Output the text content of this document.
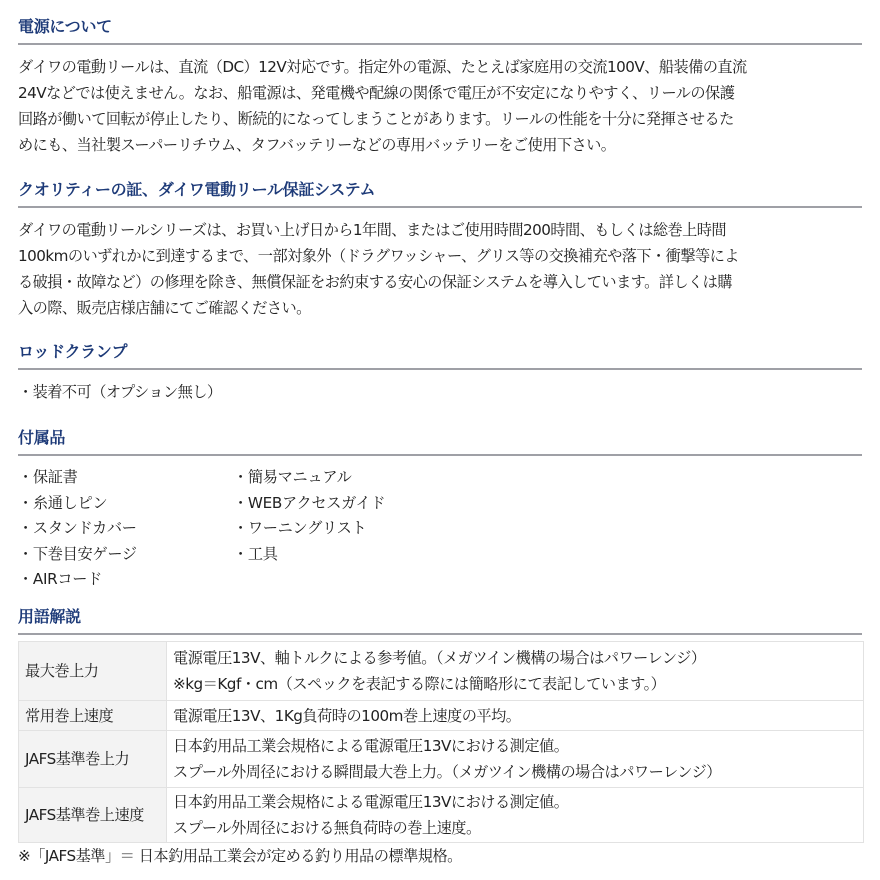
電源について
ダイワの電動リールは、直流（DC）12V対応です。指定外の電源、たとえば家庭用の交流100V、船装備の直流
24Vなどでは使えません。なお、船電源は、発電機や配線の関係で電圧が不安定になりやすく、リールの保護
回路が働いて回転が停止したり、断続的になってしまうことがあります。リールの性能を十分に発揮させるた
めにも、当社製スーパーリチウム、タフバッテリーなどの専用バッテリーをご使用下さい。
クオリティーの証、ダイワ電動リール保証システム
ダイワの電動リールシリーズは、お買い上げ日から1年間、またはご使用時間200時間、もしくは総巻上時間
100kmのいずれかに到達するまで、一部対象外（ドラグワッシャー、グリス等の交換補充や落下・衝撃等によ
る破損・故障など）の修理を除き、無償保証をお約束する安心の保証システムを導入しています。詳しくは購
入の際、販売店様店舗にてご確認ください。
ロッドクランプ
・装着不可（オプション無し）
付属品
・保証書
・糸通しピン
・スタンドカバー
・下巻目安ゲージ
・AIRコード
・簡易マニュアル
・WEBアクセスガイド
・ワーニングリスト
・工具
用語解説
最大巻上力	電源電圧13V、軸トルクによる参考値。（メガツイン機構の場合はパワーレンジ）
※kg＝Kgf・cm（スペックを表記する際には簡略形にて表記しています。）

常用巻上速度	電源電圧13V、1Kg負荷時の100m巻上速度の平均。

JAFS基準巻上力	日本釣用品工業会規格による電源電圧13Vにおける測定値。
スプール外周径における瞬間最大巻上力。（メガツイン機構の場合はパワーレンジ）

JAFS基準巻上速度	日本釣用品工業会規格による電源電圧13Vにおける測定値。
スプール外周径における無負荷時の巻上速度。
※「JAFS基準」＝ 日本釣用品工業会が定める釣り用品の標準規格。
